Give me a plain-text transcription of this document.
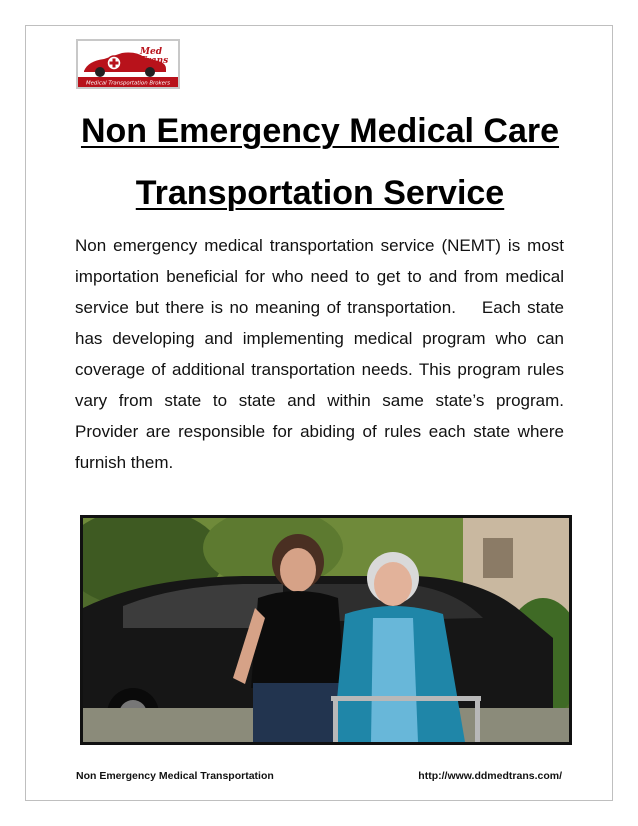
Med
Trans
Medical Transportation Brokers
Non Emergency Medical Care
Transportation Service

Non emergency medical transportation service (NEMT) is most importation beneficial for who need to get to and from medical service but there is no meaning of transportation.    Each state has developing and implementing medical program who can coverage of additional transportation needs. This program rules vary from state to state and within same state’s program. Provider are responsible for abiding of rules each state where furnish them.

Non Emergency Medical Transportation	http://www.ddmedtrans.com/
